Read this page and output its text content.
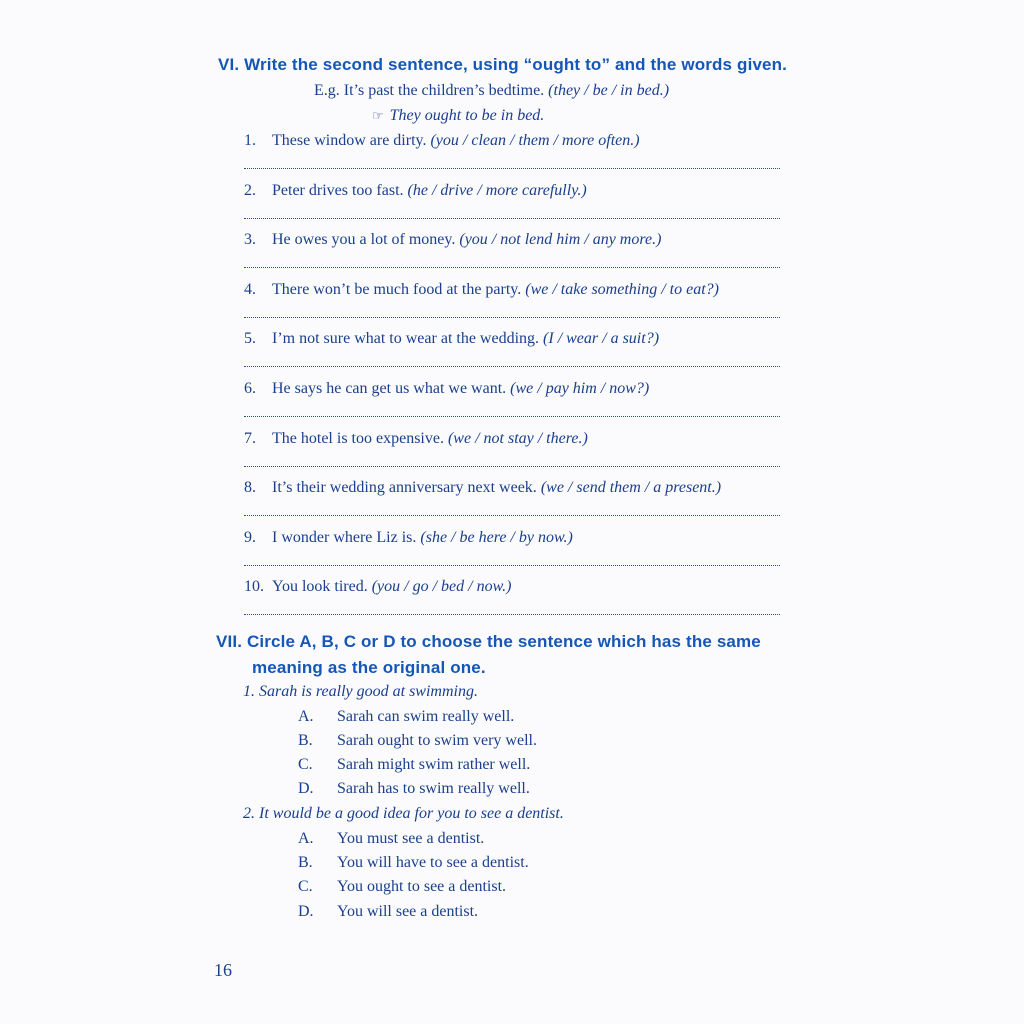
VI. Write the second sentence, using “ought to” and the words given.
E.g. It’s past the children’s bedtime. (they / be / in bed.)
☞ They ought to be in bed.
1. These window are dirty. (you / clean / them / more often.)
2. Peter drives too fast. (he / drive / more carefully.)
3. He owes you a lot of money. (you / not lend him / any more.)
4. There won’t be much food at the party. (we / take something / to eat?)
5. I’m not sure what to wear at the wedding. (I / wear / a suit?)
6. He says he can get us what we want. (we / pay him / now?)
7. The hotel is too expensive. (we / not stay / there.)
8. It’s their wedding anniversary next week. (we / send them / a present.)
9. I wonder where Liz is. (she / be here / by now.)
10. You look tired. (you / go / bed / now.)
VII. Circle A, B, C or D to choose the sentence which has the same
meaning as the original one.
1. Sarah is really good at swimming.
A. Sarah can swim really well.
B. Sarah ought to swim very well.
C. Sarah might swim rather well.
D. Sarah has to swim really well.
2. It would be a good idea for you to see a dentist.
A. You must see a dentist.
B. You will have to see a dentist.
C. You ought to see a dentist.
D. You will see a dentist.
16
